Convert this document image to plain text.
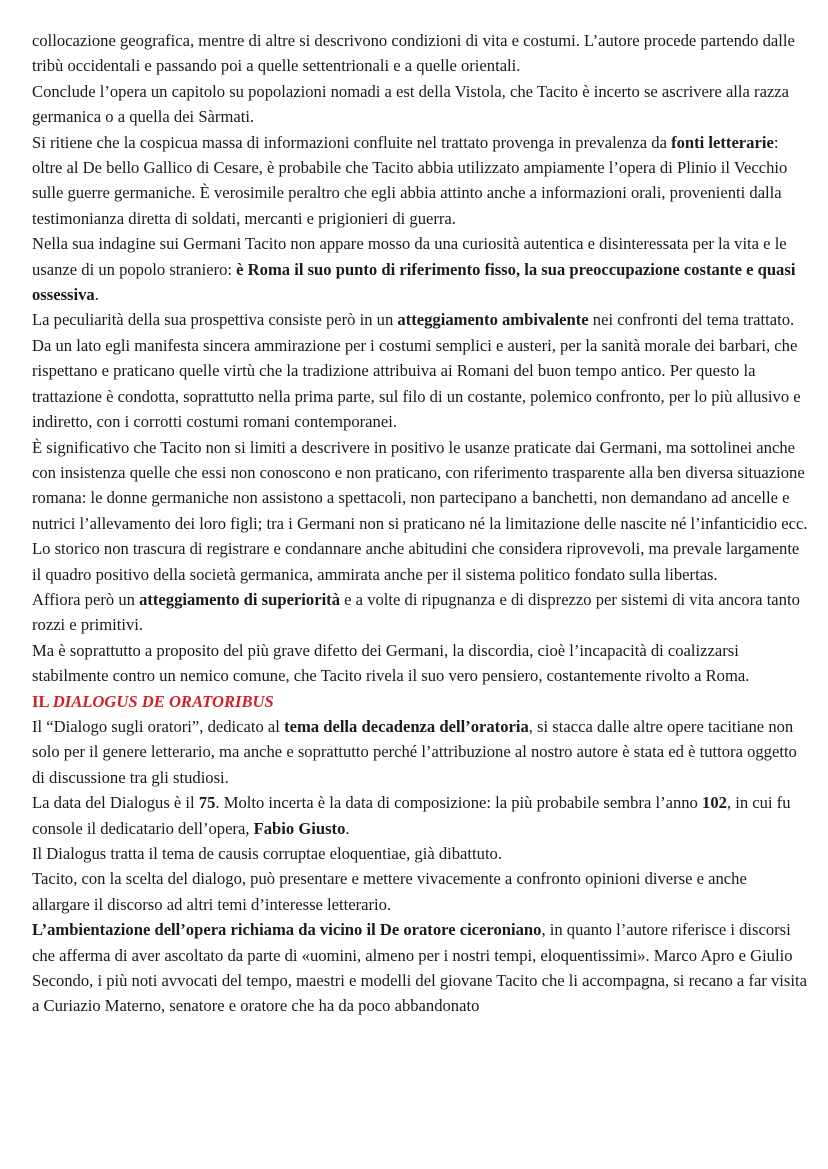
collocazione geografica, mentre di altre si descrivono condizioni di vita e costumi. L’autore procede partendo dalle tribù occidentali e passando poi a quelle settentrionali e a quelle orientali.

Conclude l’opera un capitolo su popolazioni nomadi a est della Vistola, che Tacito è incerto se ascrivere alla razza germanica o a quella dei Sàrmati.

Si ritiene che la cospicua massa di informazioni confluite nel trattato provenga in prevalenza da fonti letterarie: oltre al De bello Gallico di Cesare, è probabile che Tacito abbia utilizzato ampiamente l’opera di Plinio il Vecchio sulle guerre germaniche. È verosimile peraltro che egli abbia attinto anche a informazioni orali, provenienti dalla testimonianza diretta di soldati, mercanti e prigionieri di guerra.

Nella sua indagine sui Germani Tacito non appare mosso da una curiosità autentica e disinteressata per la vita e le usanze di un popolo straniero: è Roma il suo punto di riferimento fisso, la sua preoccupazione costante e quasi ossessiva.

La peculiarità della sua prospettiva consiste però in un atteggiamento ambivalente nei confronti del tema trattato. Da un lato egli manifesta sincera ammirazione per i costumi semplici e austeri, per la sanità morale dei barbari, che rispettano e praticano quelle virtù che la tradizione attribuiva ai Romani del buon tempo antico. Per questo la trattazione è condotta, soprattutto nella prima parte, sul filo di un costante, polemico confronto, per lo più allusivo e indiretto, con i corrotti costumi romani contemporanei.

È significativo che Tacito non si limiti a descrivere in positivo le usanze praticate dai Germani, ma sottolinei anche con insistenza quelle che essi non conoscono e non praticano, con riferimento trasparente alla ben diversa situazione romana: le donne germaniche non assistono a spettacoli, non partecipano a banchetti, non demandano ad ancelle e nutrici l’allevamento dei loro figli; tra i Germani non si praticano né la limitazione delle nascite né l’infanticidio ecc. Lo storico non trascura di registrare e condannare anche abitudini che considera riprovevoli, ma prevale largamente il quadro positivo della società germanica, ammirata anche per il sistema politico fondato sulla libertas.

Affiora però un atteggiamento di superiorità e a volte di ripugnanza e di disprezzo per sistemi di vita ancora tanto rozzi e primitivi.

Ma è soprattutto a proposito del più grave difetto dei Germani, la discordia, cioè l’incapacità di coalizzarsi stabilmente contro un nemico comune, che Tacito rivela il suo vero pensiero, costantemente rivolto a Roma.

IL DIALOGUS DE ORATORIBUS

Il “Dialogo sugli oratori”, dedicato al tema della decadenza dell’oratoria, si stacca dalle altre opere tacitiane non solo per il genere letterario, ma anche e soprattutto perché l’attribuzione al nostro autore è stata ed è tuttora oggetto di discussione tra gli studiosi.

La data del Dialogus è il 75. Molto incerta è la data di composizione: la più probabile sembra l’anno 102, in cui fu console il dedicatario dell’opera, Fabio Giusto.

Il Dialogus tratta il tema de causis corruptae eloquentiae, già dibattuto.

Tacito, con la scelta del dialogo, può presentare e mettere vivacemente a confronto opinioni diverse e anche allargare il discorso ad altri temi d’interesse letterario.

L’ambientazione dell’opera richiama da vicino il De oratore ciceroniano, in quanto l’autore riferisce i discorsi che afferma di aver ascoltato da parte di «uomini, almeno per i nostri tempi, eloquentissimi». Marco Apro e Giulio Secondo, i più noti avvocati del tempo, maestri e modelli del giovane Tacito che li accompagna, si recano a far visita a Curiazio Materno, senatore e oratore che ha da poco abbandonato
